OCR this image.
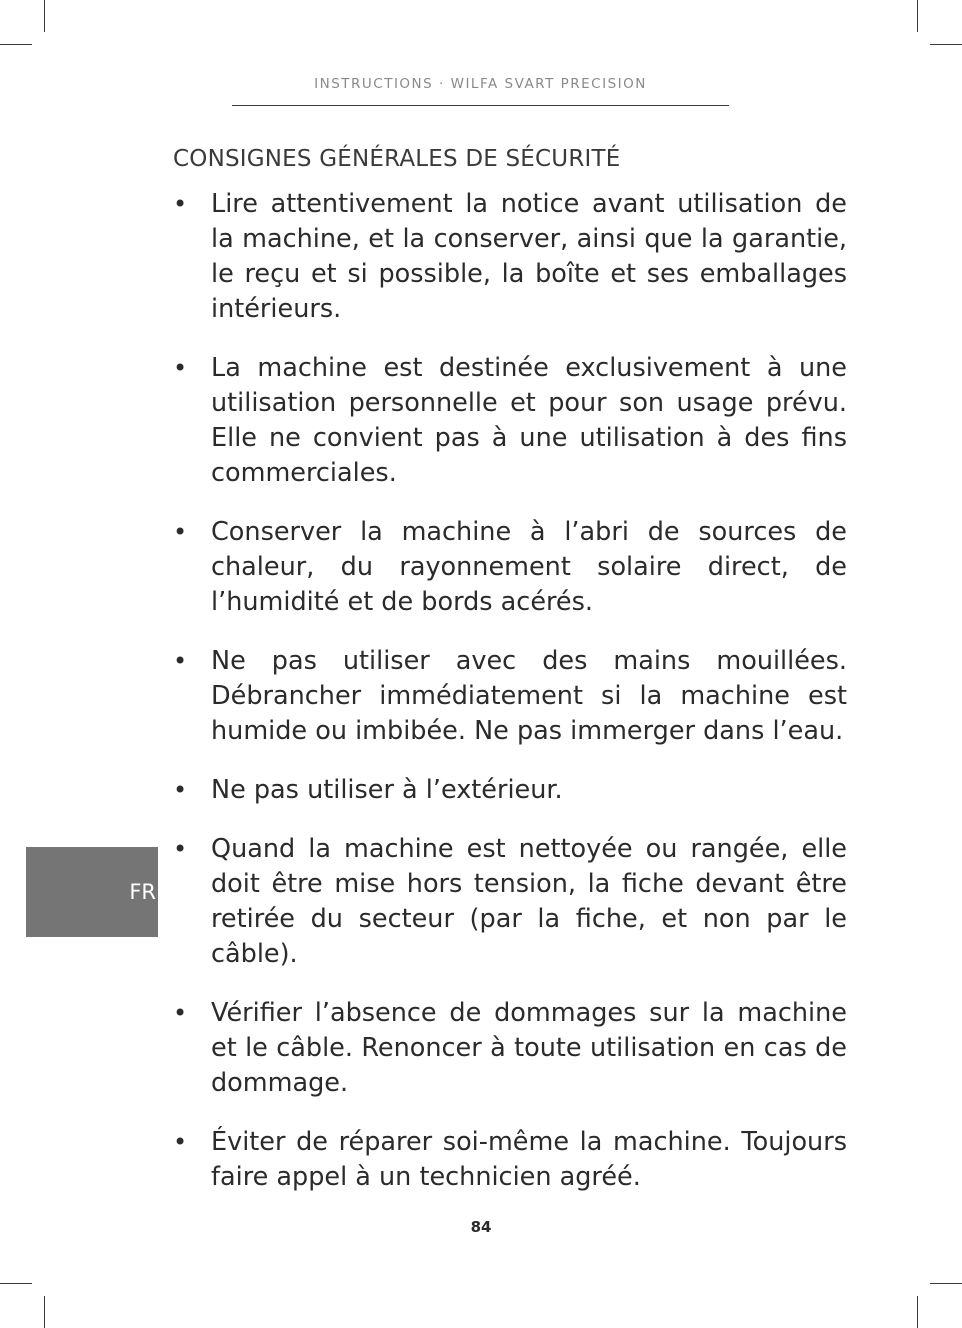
INSTRUCTIONS · WILFA SVART PRECISION
CONSIGNES GÉNÉRALES DE SÉCURITÉ
• Lire attentivement la notice avant utilisation de la machine, et la conserver, ainsi que la garantie, le reçu et si possible, la boîte et ses emballages intérieurs.
• La machine est destinée exclusivement à une utilisation personnelle et pour son usage prévu. Elle ne convient pas à une utilisation à des fins commerciales.
• Conserver la machine à l’abri de sources de chaleur, du rayonnement solaire direct, de l’humidité et de bords acérés.
• Ne pas utiliser avec des mains mouillées. Débrancher immédiatement si la machine est humide ou imbibée. Ne pas immerger dans l’eau.
• Ne pas utiliser à l’extérieur.
• Quand la machine est nettoyée ou rangée, elle doit être mise hors tension, la fiche devant être retirée du secteur (par la fiche, et non par le câble).
• Vérifier l’absence de dommages sur la machine et le câble. Renoncer à toute utilisation en cas de dommage.
• Éviter de réparer soi-même la machine. Toujours faire appel à un technicien agréé.
FR
84
